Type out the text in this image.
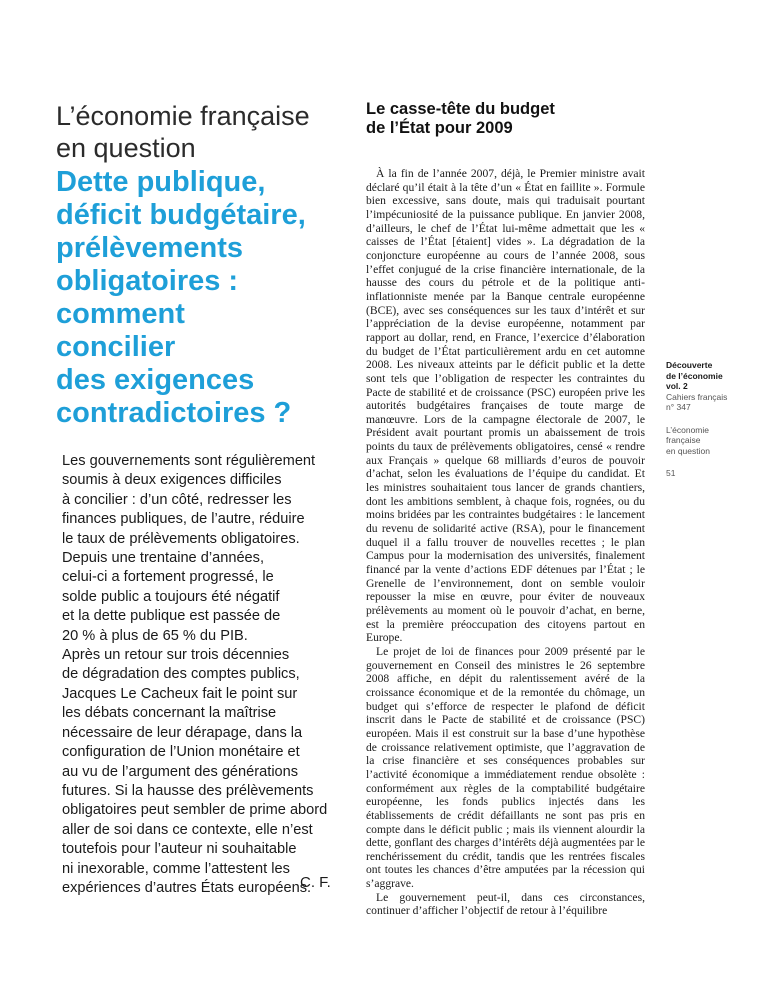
L’économie française
en question
Dette publique,
déficit budgétaire,
prélèvements
obligatoires :
comment
concilier
des exigences
contradictoires ?
Les gouvernements sont régulièrement
soumis à deux exigences difficiles
à concilier : d’un côté, redresser les
finances publiques, de l’autre, réduire
le taux de prélèvements obligatoires.
Depuis une trentaine d’années,
celui-ci a fortement progressé, le
solde public a toujours été négatif
et la dette publique est passée de
20 % à plus de 65 % du PIB.
Après un retour sur trois décennies
de dégradation des comptes publics,
Jacques Le Cacheux fait le point sur
les débats concernant la maîtrise
nécessaire de leur dérapage, dans la
configuration de l’Union monétaire et
au vu de l’argument des générations
futures. Si la hausse des prélèvements
obligatoires peut sembler de prime abord
aller de soi dans ce contexte, elle n’est
toutefois pour l’auteur ni souhaitable
ni inexorable, comme l’attestent les
expériences d’autres États européens.
C. F.
Le casse-tête du budget
de l’État pour 2009

À la fin de l’année 2007, déjà, le Premier ministre avait déclaré qu’il était à la tête d’un « État en faillite ». Formule bien excessive, sans doute, mais qui traduisait pourtant l’impécuniosité de la puissance publique. En janvier 2008, d’ailleurs, le chef de l’État lui-même admettait que les « caisses de l’État [étaient] vides ». La dégradation de la conjoncture européenne au cours de l’année 2008, sous l’effet conjugué de la crise financière internationale, de la hausse des cours du pétrole et de la politique anti-inflationniste menée par la Banque centrale européenne (BCE), avec ses conséquences sur les taux d’intérêt et sur l’appréciation de la devise européenne, notamment par rapport au dollar, rend, en France, l’exercice d’élaboration du budget de l’État particulièrement ardu en cet automne 2008. Les niveaux atteints par le déficit public et la dette sont tels que l’obligation de respecter les contraintes du Pacte de stabilité et de croissance (PSC) européen prive les autorités budgétaires françaises de toute marge de manœuvre. Lors de la campagne électorale de 2007, le Président avait pourtant promis un abaissement de trois points du taux de prélèvements obligatoires, censé « rendre aux Français » quelque 68 milliards d’euros de pouvoir d’achat, selon les évaluations de l’équipe du candidat. Et les ministres souhaitaient tous lancer de grands chantiers, dont les ambitions semblent, à chaque fois, rognées, ou du moins bridées par les contraintes budgétaires : le lancement du revenu de solidarité active (RSA), pour le financement duquel il a fallu trouver de nouvelles recettes ; le plan Campus pour la modernisation des universités, finalement financé par la vente d’actions EDF détenues par l’État ; le Grenelle de l’environnement, dont on semble vouloir repousser la mise en œuvre, pour éviter de nouveaux prélèvements au moment où le pouvoir d’achat, en berne, est la première préoccupation des citoyens partout en Europe.

Le projet de loi de finances pour 2009 présenté par le gouvernement en Conseil des ministres le 26 septembre 2008 affiche, en dépit du ralentissement avéré de la croissance économique et de la remontée du chômage, un budget qui s’efforce de respecter le plafond de déficit inscrit dans le Pacte de stabilité et de croissance (PSC) européen. Mais il est construit sur la base d’une hypothèse de croissance relativement optimiste, que l’aggravation de la crise financière et ses conséquences probables sur l’activité économique a immédiatement rendue obsolète : conformément aux règles de la comptabilité budgétaire européenne, les fonds publics injectés dans les établissements de crédit défaillants ne sont pas pris en compte dans le déficit public ; mais ils viennent alourdir la dette, gonflant des charges d’intérêts déjà augmentées par le renchérissement du crédit, tandis que les rentrées fiscales ont toutes les chances d’être amputées par la récession qui s’aggrave.

Le gouvernement peut-il, dans ces circonstances, continuer d’afficher l’objectif de retour à l’équilibre

Découverte
de l’économie
vol. 2
Cahiers français
n° 347
L’économie
française
en question
51
